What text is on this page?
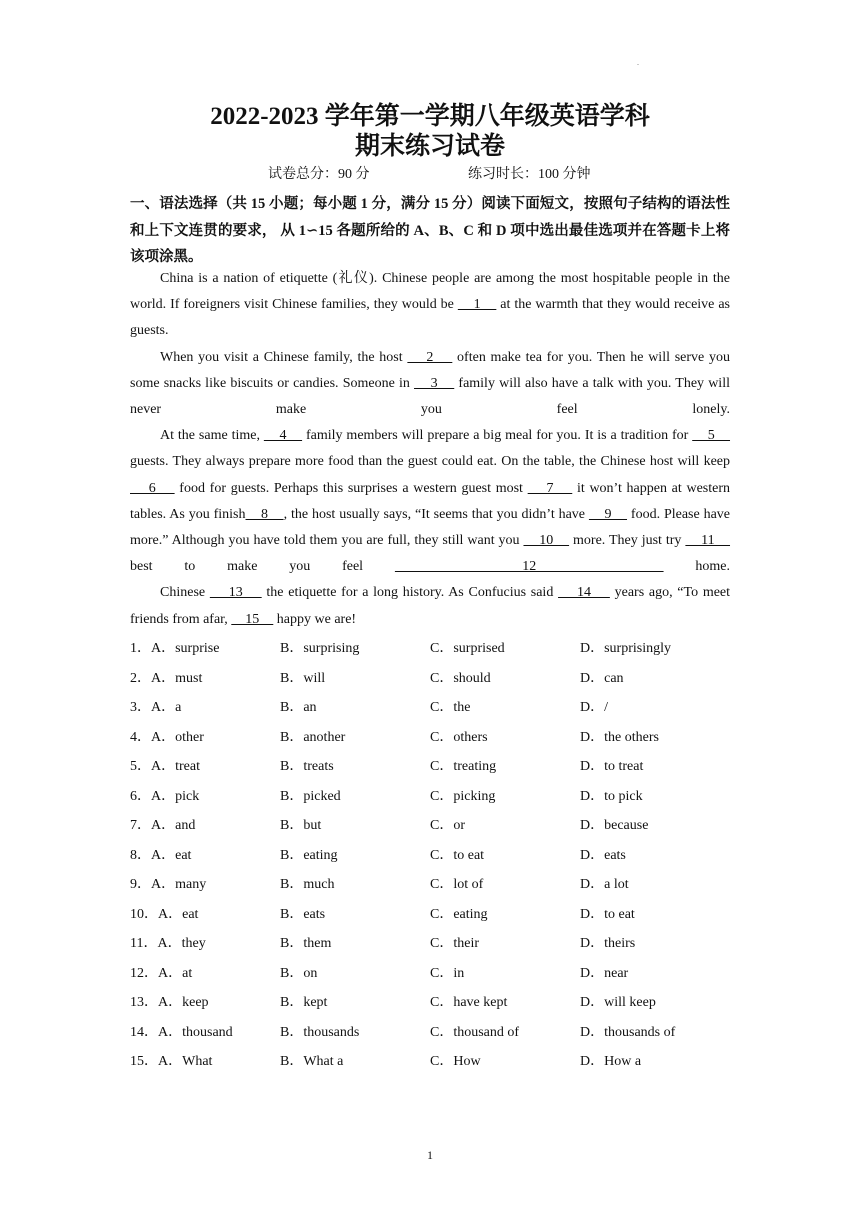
.
2022-2023 学年第一学期八年级英语学科
期末练习试卷
试卷总分：90 分	练习时长：100 分钟
一、语法选择（共 15 小题；每小题 1 分，满分 15 分）阅读下面短文，按照句子结构的语法性和上下文连贯的要求， 从 1∽15 各题所给的 A、B、C 和 D 项中选出最佳选项并在答题卡上将该项涂黑。

China is a nation of etiquette (礼仪). Chinese people are among the most hospitable people in the world. If foreigners visit Chinese families, they would be     1     at the warmth that they would receive as guests.

When you visit a Chinese family, the host     2     often make tea for you. Then he will serve you some snacks like biscuits or candies. Someone in     3     family will also have a talk with you. They will never make you feel lonely.

At the same time,     4     family members will prepare a big meal for you. It is a tradition for     5     guests. They always prepare more food than the guest could eat. On the table, the Chinese host will keep     6     food for guests. Perhaps this surprises a western guest most     7     it won’t happen at western tables. As you finish    8    , the host usually says, “It seems that you didn’t have     9     food. Please have more.” Although you have told them you are full, they still want you     10     more. They just try     11     best to make you feel     12     home.

Chinese     13     the etiquette for a long history. As Confucius said     14     years ago, “To meet friends from afar,     15     happy we are!

1．A．surprise	B．surprising	C．surprised	D．surprisingly
2．A．must	B．will	C．should	D．can
3．A．a	B．an	C．the	D．/
4．A．other	B．another	C．others	D．the others
5．A．treat	B．treats	C．treating	D．to treat
6．A．pick	B．picked	C．picking	D．to pick
7．A．and	B．but	C．or	D．because
8．A．eat	B．eating	C．to eat	D．eats
9．A．many	B．much	C．lot of	D．a lot
10．A．eat	B．eats	C．eating	D．to eat
11．A．they	B．them	C．their	D．theirs
12．A．at	B．on	C．in	D．near
13．A．keep	B．kept	C．have kept	D．will keep
14．A．thousand	B．thousands	C．thousand of	D．thousands of
15．A．What	B．What a	C．How	D．How a
1
